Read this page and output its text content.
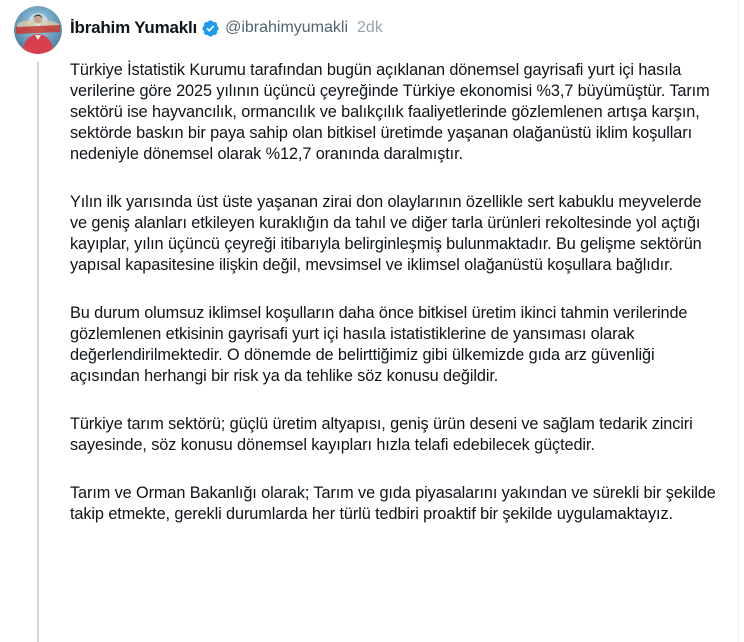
İbrahim Yumaklı @ibrahimyumakli 2dk

Türkiye İstatistik Kurumu tarafından bugün açıklanan dönemsel gayrisafi yurt içi hasıla verilerine göre 2025 yılının üçüncü çeyreğinde Türkiye ekonomisi %3,7 büyümüştür. Tarım sektörü ise hayvancılık, ormancılık ve balıkçılık faaliyetlerinde gözlemlenen artışa karşın, sektörde baskın bir paya sahip olan bitkisel üretimde yaşanan olağanüstü iklim koşulları nedeniyle dönemsel olarak %12,7 oranında daralmıştır.

Yılın ilk yarısında üst üste yaşanan zirai don olaylarının özellikle sert kabuklu meyvelerde ve geniş alanları etkileyen kuraklığın da tahıl ve diğer tarla ürünleri rekoltesinde yol açtığı kayıplar, yılın üçüncü çeyreği itibarıyla belirginleşmiş bulunmaktadır. Bu gelişme sektörün yapısal kapasitesine ilişkin değil, mevsimsel ve iklimsel olağanüstü koşullara bağlıdır.

Bu durum olumsuz iklimsel koşulların daha önce bitkisel üretim ikinci tahmin verilerinde gözlemlenen etkisinin gayrisafi yurt içi hasıla istatistiklerine de yansıması olarak değerlendirilmektedir. O dönemde de belirttiğimiz gibi ülkemizde gıda arz güvenliği açısından herhangi bir risk ya da tehlike söz konusu değildir.

Türkiye tarım sektörü; güçlü üretim altyapısı, geniş ürün deseni ve sağlam tedarik zinciri sayesinde, söz konusu dönemsel kayıpları hızla telafi edebilecek güçtedir.

Tarım ve Orman Bakanlığı olarak; Tarım ve gıda piyasalarını yakından ve sürekli bir şekilde takip etmekte, gerekli durumlarda her türlü tedbiri proaktif bir şekilde uygulamaktayız.
